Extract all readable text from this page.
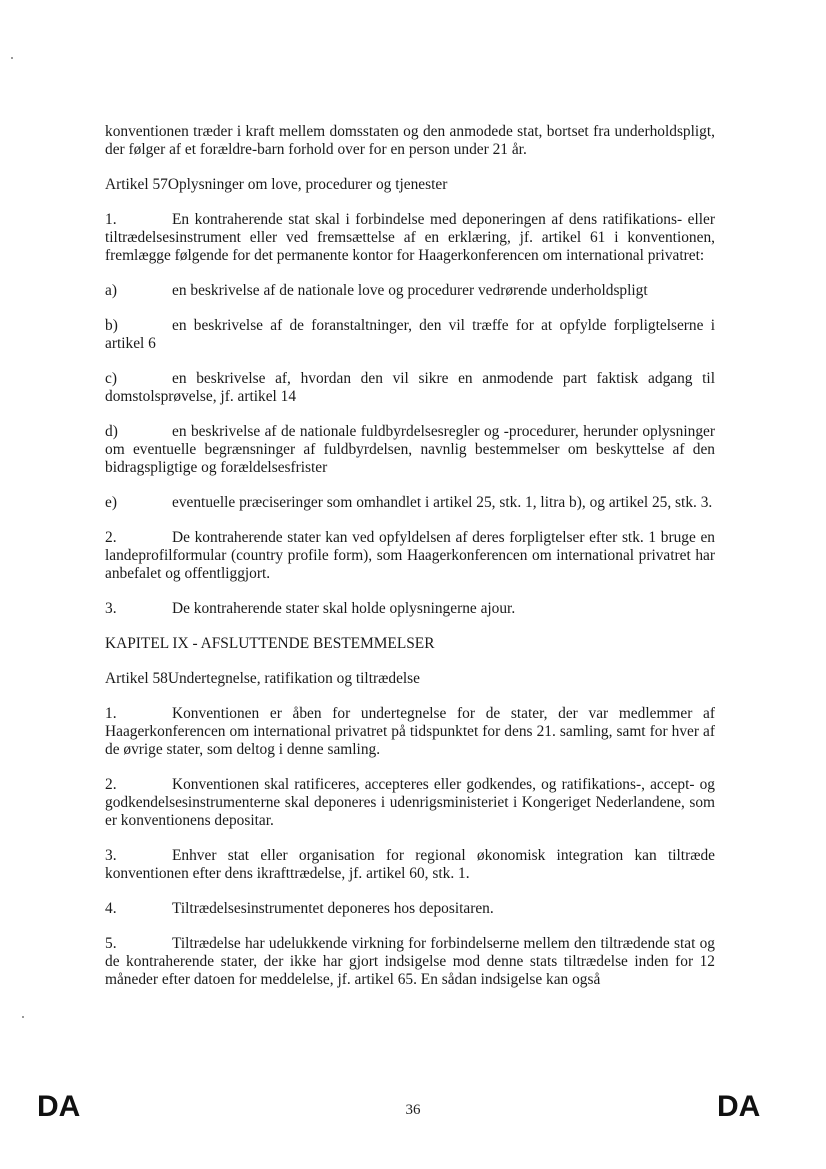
konventionen træder i kraft mellem domsstaten og den anmodede stat, bortset fra underholdspligt, der følger af et forældre-barn forhold over for en person under 21 år.

Artikel 57Oplysninger om love, procedurer og tjenester

1.	En kontraherende stat skal i forbindelse med deponeringen af dens ratifikations- eller tiltrædelsesinstrument eller ved fremsættelse af en erklæring, jf. artikel 61 i konventionen, fremlægge følgende for det permanente kontor for Haagerkonferencen om international privatret:

a)	en beskrivelse af de nationale love og procedurer vedrørende underholdspligt

b)	en beskrivelse af de foranstaltninger, den vil træffe for at opfylde forpligtelserne i artikel 6

c)	en beskrivelse af, hvordan den vil sikre en anmodende part faktisk adgang til domstolsprøvelse, jf. artikel 14

d)	en beskrivelse af de nationale fuldbyrdelsesregler og -procedurer, herunder oplysninger om eventuelle begrænsninger af fuldbyrdelsen, navnlig bestemmelser om beskyttelse af den bidragspligtige og forældelsesfrister

e)	eventuelle præciseringer som omhandlet i artikel 25, stk. 1, litra b), og artikel 25, stk. 3.

2.	De kontraherende stater kan ved opfyldelsen af deres forpligtelser efter stk. 1 bruge en landeprofilformular (country profile form), som Haagerkonferencen om international privatret har anbefalet og offentliggjort.

3.	De kontraherende stater skal holde oplysningerne ajour.

KAPITEL IX - AFSLUTTENDE BESTEMMELSER

Artikel 58Undertegnelse, ratifikation og tiltrædelse

1.	Konventionen er åben for undertegnelse for de stater, der var medlemmer af Haagerkonferencen om international privatret på tidspunktet for dens 21. samling, samt for hver af de øvrige stater, som deltog i denne samling.

2.	Konventionen skal ratificeres, accepteres eller godkendes, og ratifikations-, accept- og godkendelsesinstrumenterne skal deponeres i udenrigsministeriet i Kongeriget Nederlandene, som er konventionens depositar.

3.	Enhver stat eller organisation for regional økonomisk integration kan tiltræde konventionen efter dens ikrafttrædelse, jf. artikel 60, stk. 1.

4.	Tiltrædelsesinstrumentet deponeres hos depositaren.

5.	Tiltrædelse har udelukkende virkning for forbindelserne mellem den tiltrædende stat og de kontraherende stater, der ikke har gjort indsigelse mod denne stats tiltrædelse inden for 12 måneder efter datoen for meddelelse, jf. artikel 65. En sådan indsigelse kan også

DA	36	DA
